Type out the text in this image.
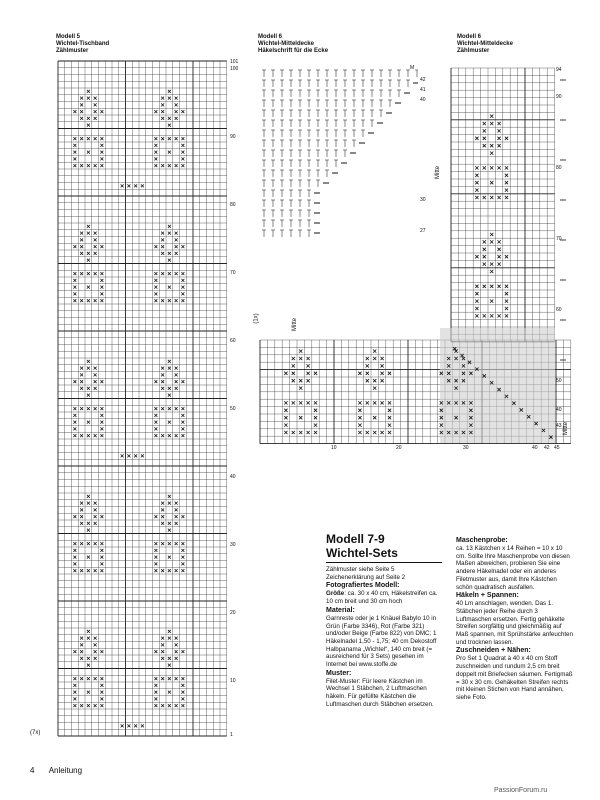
Modell 5
Wichtel-Tischband
Zählmuster
101
100
90
80
70
60
50
40
30
20
10
1
(7x)
Modell 6
Wichtel-Mitteldecke
Häkelschrift für die Ecke
M
42
41
40
30
27
Modell 6
Wichtel-Mitteldecke
Zählmuster
94
90
80
70
60
50
40
43
10	20	30	40 42 45
(1x)	Mitte
Mitte
Mitte
Modell 7-9
Wichtel-Sets

Zählmuster siehe Seite 5
Zeichenerklärung auf Seite 2

Fotografiertes Modell:

Größe: ca. 30 x 40 cm, Häkelstreifen ca. 10 cm breit und 30 cm hoch

Material:

Garnreste oder je 1 Knäuel Babylo 10 in Grün (Farbe 3346), Rot (Farbe 321) und/oder Beige (Farbe 822) von DMC; 1 Häkelnadel 1,50 - 1,75; 40 cm Dekostoff Halbpanama „Wichtel“, 140 cm breit (= ausreichend für 3 Sets) gesehen im Internet bei www.stoffe.de

Muster:

Filet-Muster: Für leere Kästchen im Wechsel 1 Stäbchen, 2 Luftmaschen häkeln. Für gefüllte Kästchen die Luftmaschen durch Stäbchen ersetzen.

Maschenprobe:

ca. 13 Kästchen x 14 Reihen = 10 x 10 cm. Sollte Ihre Maschenprobe von diesen Maßen abweichen, probieren Sie eine andere Häkelnadel oder ein anderes Filetmuster aus, damit Ihre Kästchen schön quadratisch ausfallen.

Häkeln + Spannen:

40 Lm anschlagen, wenden. Das 1. Stäbchen jeder Reihe durch 3 Luftmaschen ersetzen. Fertig gehäkelte Streifen sorgfältig und gleichmäßig auf Maß spannen, mit Sprühstärke anfeuchten und trocknen lassen.

Zuschneiden + Nähen:

Pro Set 1 Quadrat à 40 x 40 cm Stoff zuschneiden und rundum 2,5 cm breit doppelt mit Briefecken säumen. Fertigmaß = 30 x 30 cm. Gehäkelten Streifen rechts mit kleinen Stichen von Hand annähen, siehe Foto.

4 Anleitung
PassionForum.ru
